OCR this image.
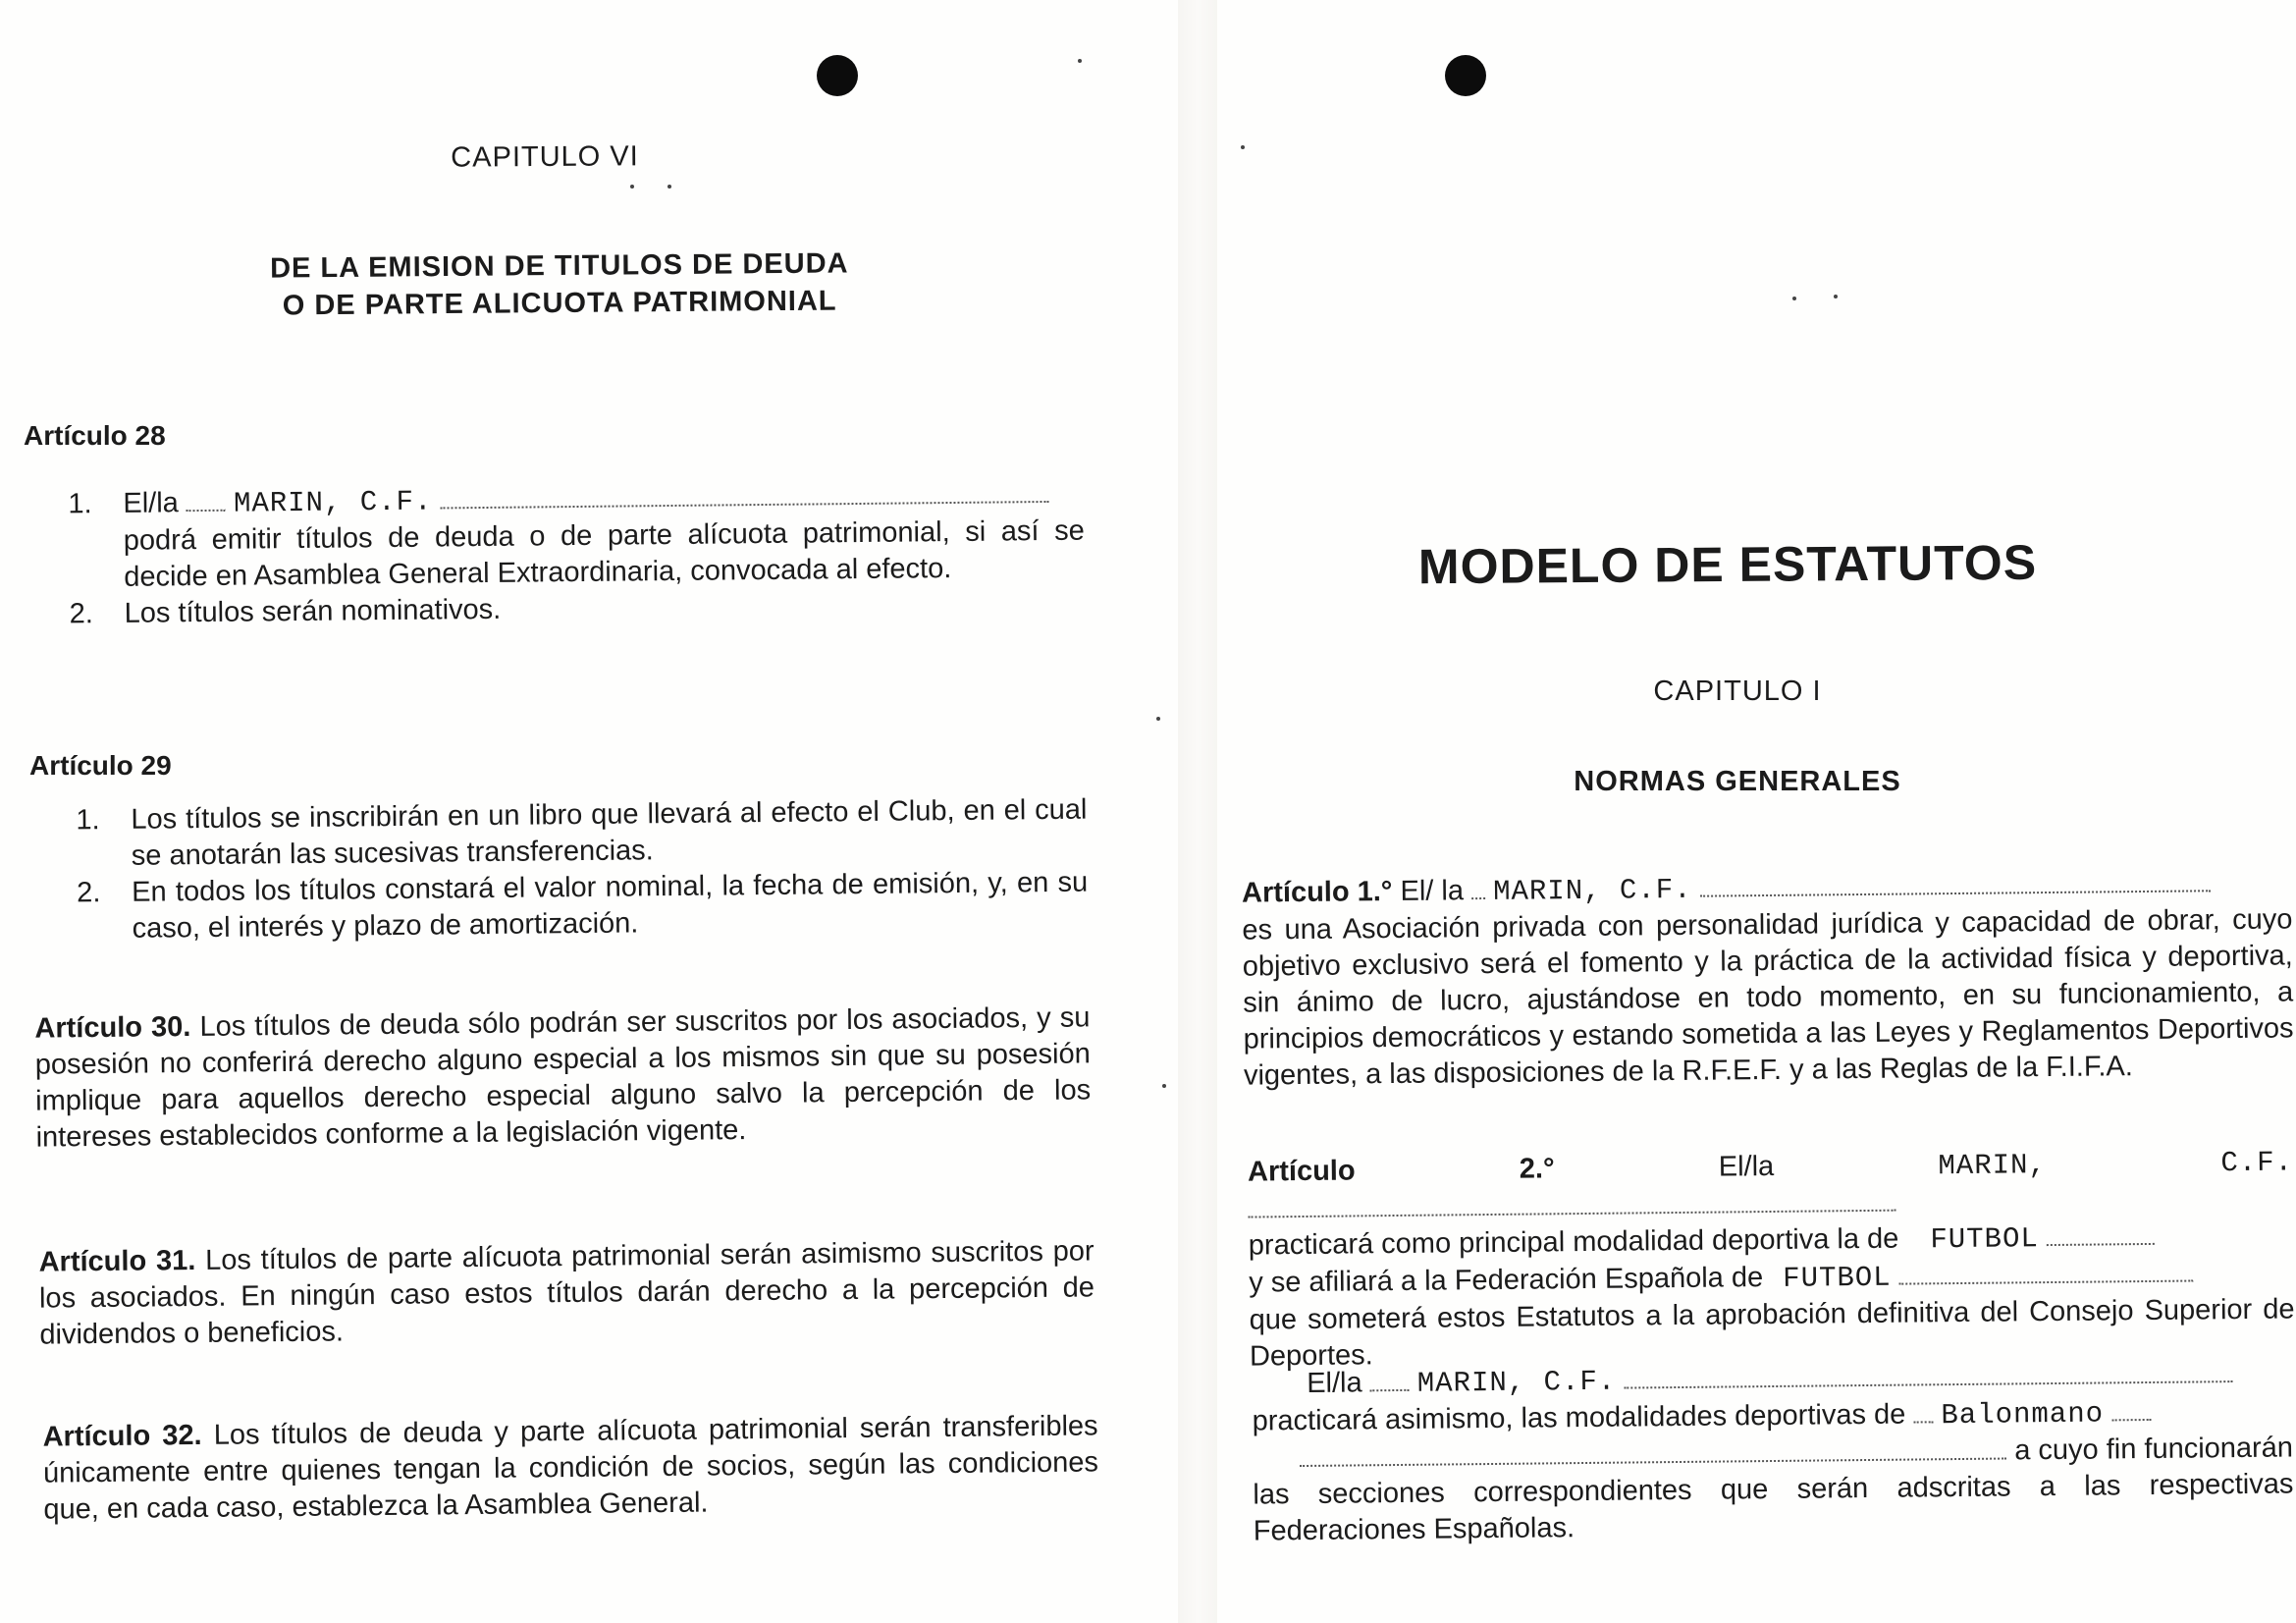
CAPITULO VI
DE LA EMISION DE TITULOS DE DEUDA
O DE PARTE ALICUOTA PATRIMONIAL
Artículo 28
1.	El/la MARIN, C.F.
podrá emitir títulos de deuda o de parte alícuota patrimonial, si así se decide en Asamblea General Extraordinaria, convocada al efecto.
2.	Los títulos serán nominativos.
Artículo 29
1.	Los títulos se inscribirán en un libro que llevará al efecto el Club, en el cual se anotarán las sucesivas transferencias.
2.	En todos los títulos constará el valor nominal, la fecha de emisión, y, en su caso, el interés y plazo de amortización.
Artículo 30. Los títulos de deuda sólo podrán ser suscritos por los asociados, y su posesión no conferirá derecho alguno especial a los mismos sin que su posesión implique para aquellos derecho especial alguno salvo la percepción de los intereses establecidos conforme a la legislación vigente.
Artículo 31. Los títulos de parte alícuota patrimonial serán asimismo suscritos por los asociados. En ningún caso estos títulos darán derecho a la percepción de dividendos o beneficios.
Artículo 32. Los títulos de deuda y parte alícuota patrimonial serán transferibles únicamente entre quienes tengan la condición de socios, según las condiciones que, en cada caso, establezca la Asamblea General.
MODELO DE ESTATUTOS
CAPITULO I
NORMAS GENERALES
Artículo 1.° El/ la MARIN, C.F.
es una Asociación privada con personalidad jurídica y capacidad de obrar, cuyo objetivo exclusivo será el fomento y la práctica de la actividad física y deportiva, sin ánimo de lucro, ajustándose en todo momento, en su funcionamiento, a principios democráticos y estando sometida a las Leyes y Reglamentos Deportivos vigentes, a las disposiciones de la R.F.E.F. y a las Reglas de la F.I.F.A.
Artículo 2.°	El/la	MARIN, C.F.
practicará como principal modalidad deportiva la de FUTBOL
y se afiliará a la Federación Española de FUTBOL
que someterá estos Estatutos a la aprobación definitiva del Consejo Superior de Deportes.
El/la MARIN, C.F.
practicará asimismo, las modalidades deportivas de Balonmano
a cuyo fin funcionarán
las secciones correspondientes que serán adscritas a las respectivas Federaciones Españolas.
